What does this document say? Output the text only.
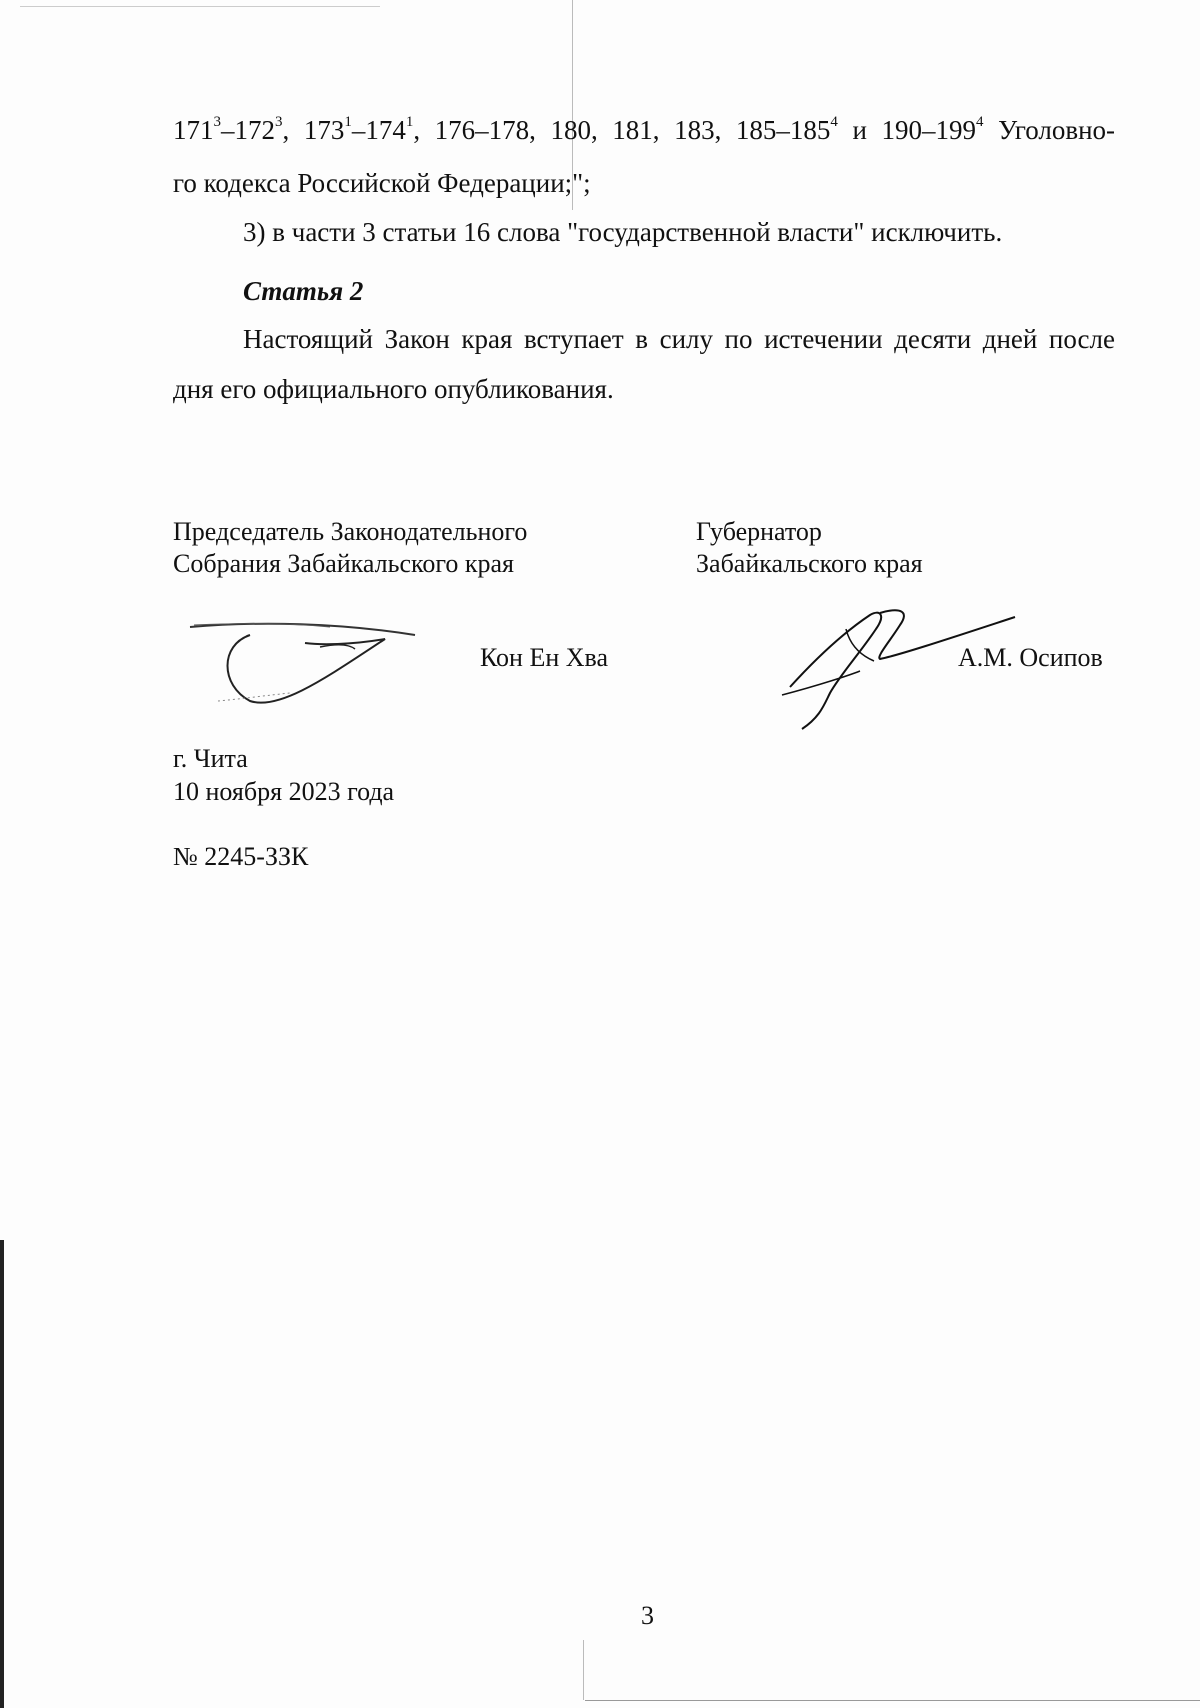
$171^3-172^3$, $173^1-174^1$, 176–178, 180, 181, 183, $185-185^4$ и $190-199^4$ Уголовно-
го кодекса Российской Федерации;";
3) в части 3 статьи 16 слова "государственной власти" исключить.
Статья 2
Настоящий Закон края вступает в силу по истечении десяти дней после
дня его официального опубликования.
Председатель Законодательного
Собрания Забайкальского края
Губернатор
Забайкальского края
Кон Ен Хва	А.М. Осипов
г. Чита
10 ноября 2023 года
№ 2245-ЗЗК
3
